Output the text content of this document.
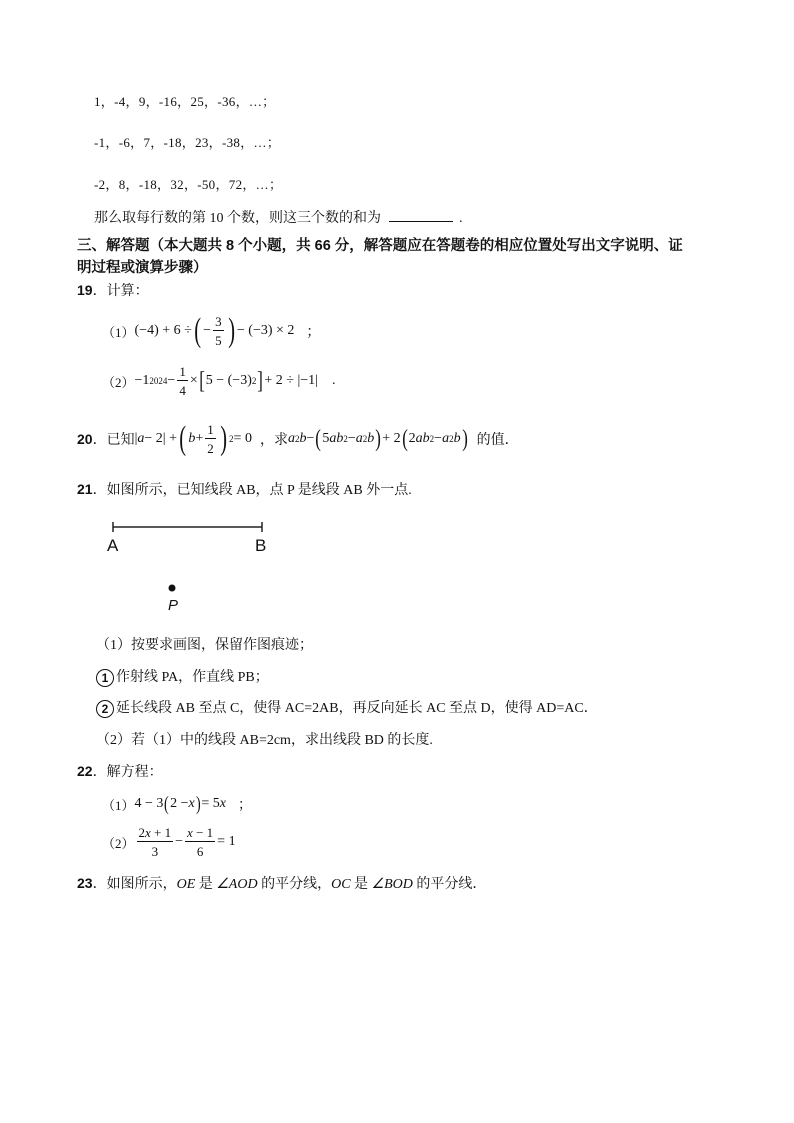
1，-4，9，-16，25，-36，…；
-1，-6，7，-18，23，-38，…；
-2，8，-18，32，-50，72，…；
那么取每行数的第 10 个数，则这三个数的和为	.
三、解答题（本大题共 8 个小题，共 66 分，解答题应在答题卷的相应位置处写出文字说明、证
明过程或演算步骤）
19．计算：
（1） (−4) + 6 ÷ ( − $\frac{3}{5}$ ) − (−3) × 2 ；
（2） −1 $2024 - \frac{1}{4}$ × [ 5 − (−3) 2 ] + 2 ÷ |−1| .
20 ．已知 | a − 2| + ( $b + \frac{1}{2}$ ) 2 = 0 ，求 a 2 b − ( 5 ab 2 − a 2 b ) + 2 ( 2 ab 2 − a 2 b ) 的值．
21．如图所示，已知线段 AB，点 P 是线段 AB 外一点.
A	B
P
（1）按要求画图，保留作图痕迹；
1 作射线 PA，作直线 PB；
2 延长线段 AB 至点 C，使得 AC=2AB，再反向延长 AC 至点 D，使得 AD=AC．
（2）若（1）中的线段 AB=2cm，求出线段 BD 的长度.
22．解方程：
（1） 4 − 3 ( 2 − x ) = 5 x ；
$(2) \frac{2x + 1}{3} - \frac{x - 1}{6} = 1$
23．如图所示，OE 是 ∠AOD 的平分线，OC 是 ∠BOD 的平分线．
